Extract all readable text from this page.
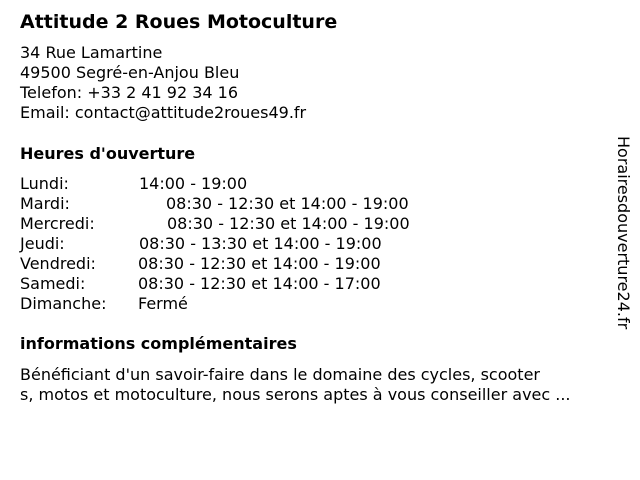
Attitude 2 Roues Motoculture
34 Rue Lamartine
49500 Segré-en-Anjou Bleu
Telefon: +33 2 41 92 34 16
Email: contact@attitude2roues49.fr
Heures d'ouverture
Lundi:	14:00 - 19:00
Mardi:	08:30 - 12:30 et 14:00 - 19:00
Mercredi:	08:30 - 12:30 et 14:00 - 19:00
Jeudi:	08:30 - 13:30 et 14:00 - 19:00
Vendredi:	08:30 - 12:30 et 14:00 - 19:00
Samedi:	08:30 - 12:30 et 14:00 - 17:00
Dimanche: Fermé
informations complémentaires
Bénéficiant d'un savoir-faire dans le domaine des cycles, scooter
s, motos et motoculture, nous serons aptes à vous conseiller avec ...
Horairesdouverture24.fr
